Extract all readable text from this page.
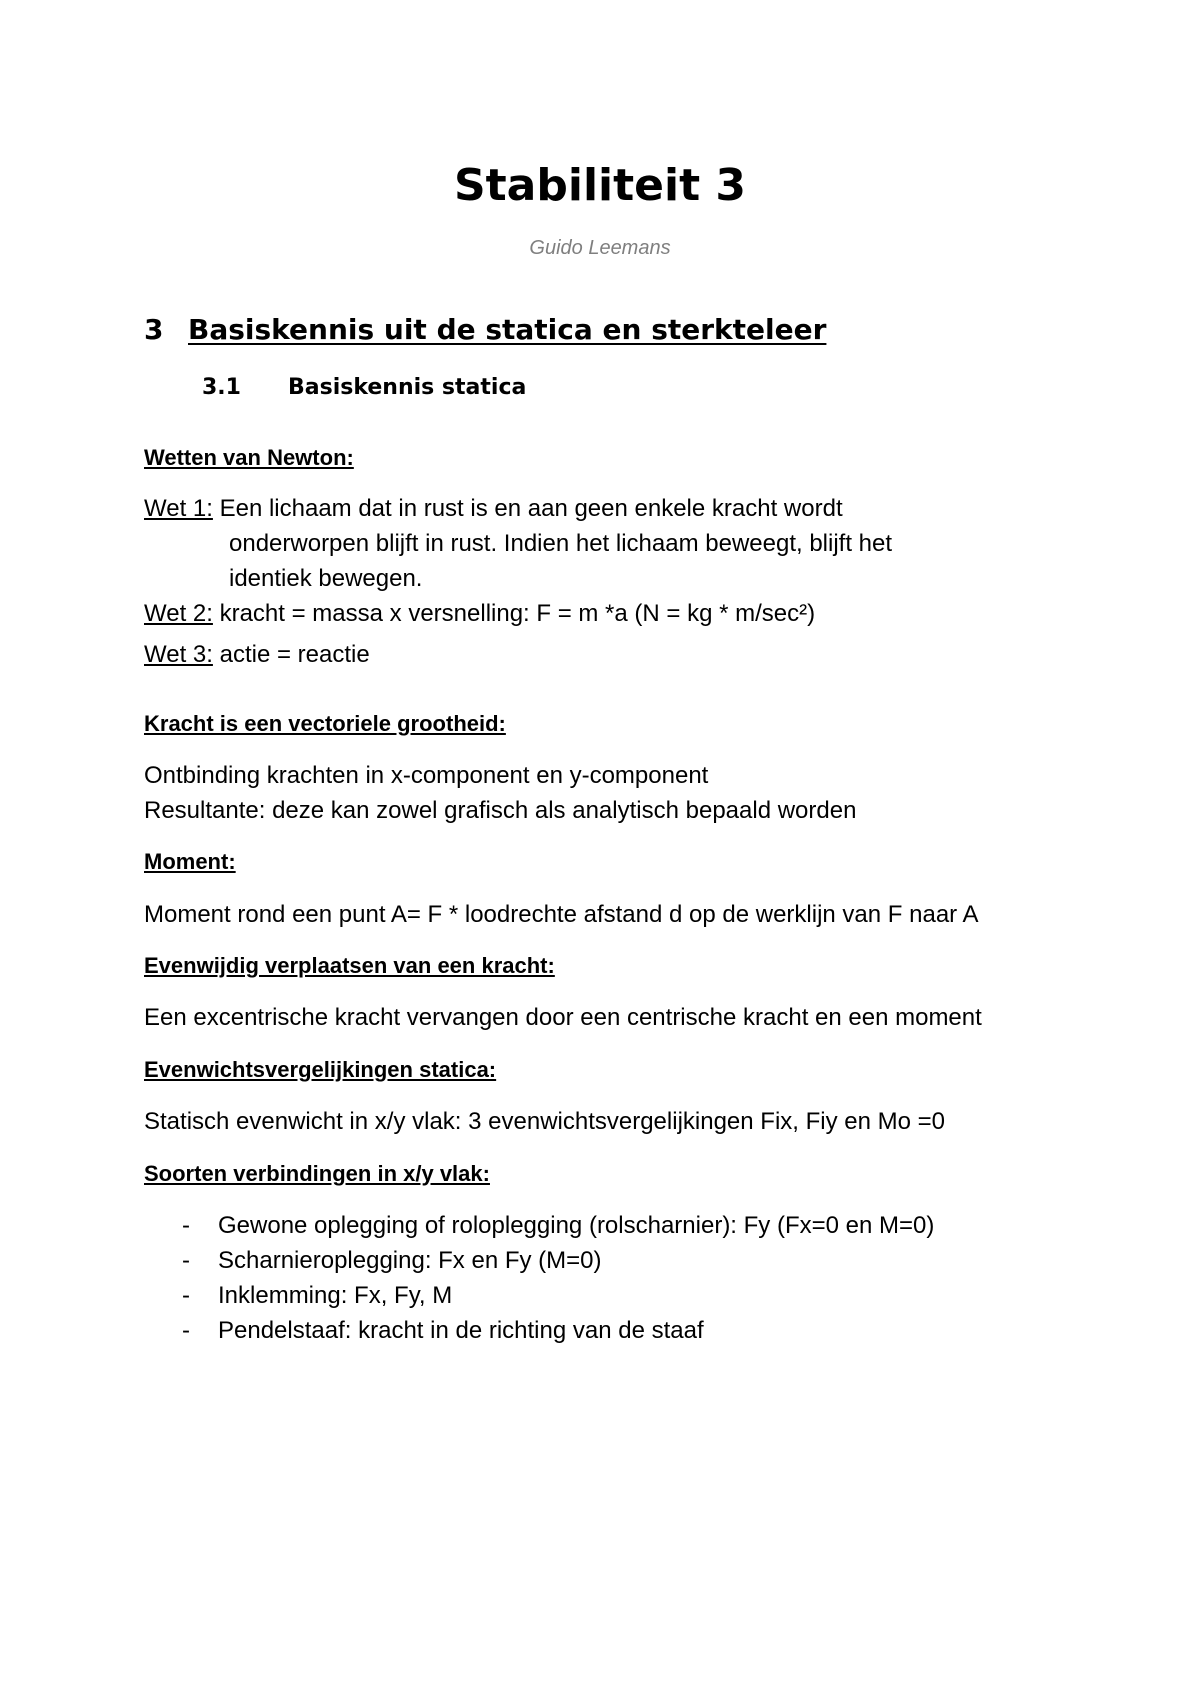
Stabiliteit 3
Guido Leemans
3 Basiskennis uit de statica en sterkteleer
3.1 Basiskennis statica
Wetten van Newton:
Wet 1: Een lichaam dat in rust is en aan geen enkele kracht wordt
onderworpen blijft in rust. Indien het lichaam beweegt, blijft het
identiek bewegen.
Wet 2: kracht = massa x versnelling: F = m *a (N = kg * m/sec²)
Wet 3: actie = reactie
Kracht is een vectoriele grootheid:
Ontbinding krachten in x-component en y-component
Resultante: deze kan zowel grafisch als analytisch bepaald worden
Moment:
Moment rond een punt A= F * loodrechte afstand d op de werklijn van F naar A
Evenwijdig verplaatsen van een kracht:
Een excentrische kracht vervangen door een centrische kracht en een moment
Evenwichtsvergelijkingen statica:
Statisch evenwicht in x/y vlak: 3 evenwichtsvergelijkingen Fix, Fiy en Mo =0
Soorten verbindingen in x/y vlak:
- Gewone oplegging of roloplegging (rolscharnier): Fy (Fx=0 en M=0)
- Scharnieroplegging: Fx en Fy (M=0)
- Inklemming: Fx, Fy, M
- Pendelstaaf: kracht in de richting van de staaf
